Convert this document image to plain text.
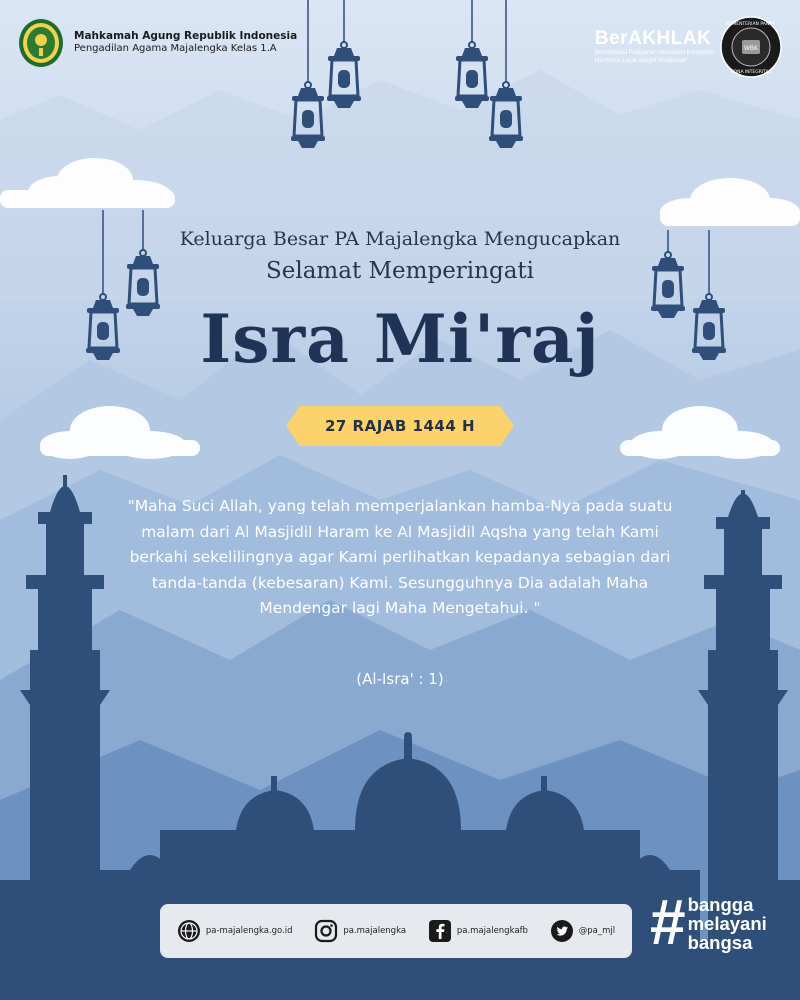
Mahkamah Agung Republik Indonesia
Pengadilan Agama Majalengka Kelas 1.A	BerAKHLAK
Berorientasi Pelayanan Akuntabel Kompeten
Harmonis Loyal Adaptif Kolaboratif
WBK
KEMENTERIAN PANRB
ZONA INTEGRITAS
Keluarga Besar PA Majalengka Mengucapkan
Selamat Memperingati
Isra Mi'raj
27 RAJAB 1444 H
"Maha Suci Allah, yang telah memperjalankan hamba-Nya pada suatu malam dari Al Masjidil Haram ke Al Masjidil Aqsha yang telah Kami berkahi sekelilingnya agar Kami perlihatkan kepadanya sebagian dari tanda-tanda (kebesaran) Kami. Sesungguhnya Dia adalah Maha Mendengar lagi Maha Mengetahui. "
(Al-Isra' : 1)
pa-majalengka.go.id	pa.majalengka	pa.majalengkafb	@pa_mjl # bangga
melayani
bangsa
